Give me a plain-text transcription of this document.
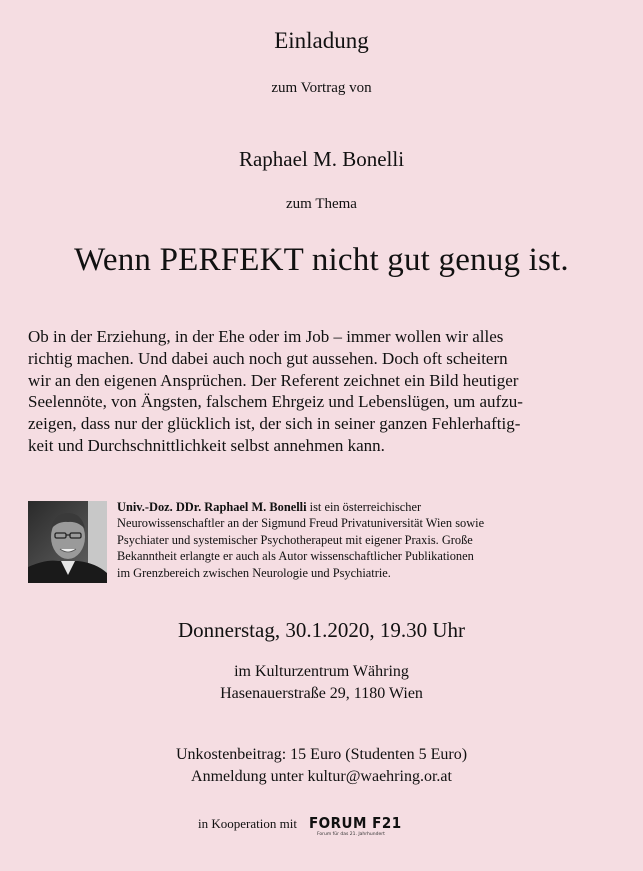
Einladung
zum Vortrag von
Raphael M. Bonelli
zum Thema
Wenn PERFEKT nicht gut genug ist.
Ob in der Erziehung, in der Ehe oder im Job – immer wollen wir alles
richtig machen. Und dabei auch noch gut aussehen. Doch oft scheitern
wir an den eigenen Ansprüchen. Der Referent zeichnet ein Bild heutiger
Seelennöte, von Ängsten, falschem Ehrgeiz und Lebenslügen, um aufzu-
zeigen, dass nur der glücklich ist, der sich in seiner ganzen Fehlerhaftig-
keit und Durchschnittlichkeit selbst annehmen kann.
Univ.-Doz. DDr. Raphael M. Bonelli ist ein österreichischer
Neurowissenschaftler an der Sigmund Freud Privatuniversität Wien sowie
Psychiater und systemischer Psychotherapeut mit eigener Praxis. Große
Bekanntheit erlangte er auch als Autor wissenschaftlicher Publikationen
im Grenzbereich zwischen Neurologie und Psychiatrie.
Donnerstag, 30.1.2020, 19.30 Uhr
im Kulturzentrum Währing
Hasenauerstraße 29, 1180 Wien
Unkostenbeitrag: 15 Euro (Studenten 5 Euro)
Anmeldung unter kultur@waehring.or.at
in Kooperation mit FORUM F21
Forum für das 21. Jahrhundert
